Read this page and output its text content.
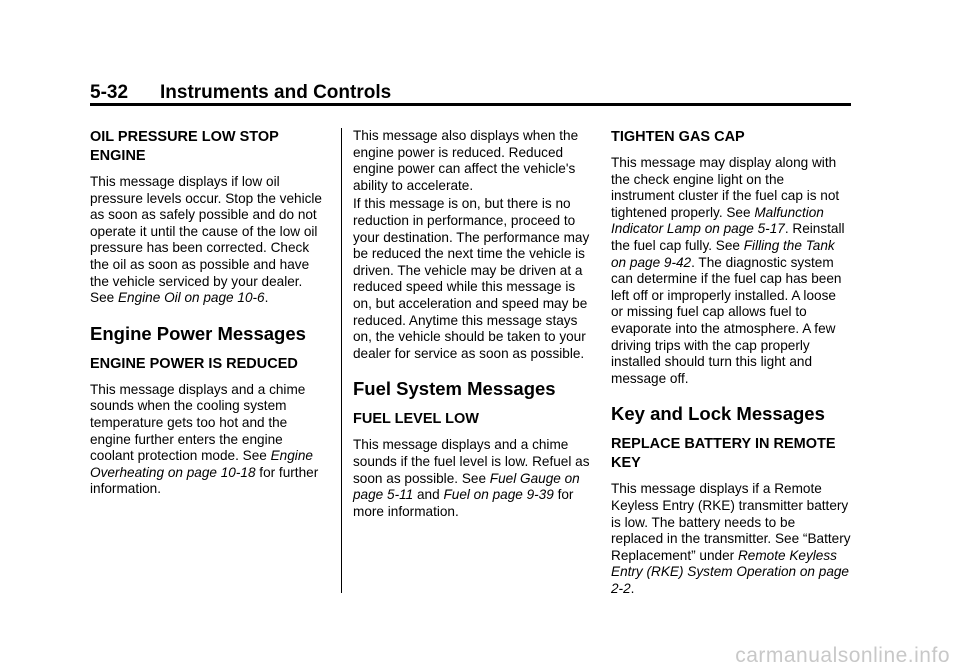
5-32 Instruments and Controls
OIL PRESSURE LOW STOP ENGINE

This message displays if low oil pressure levels occur. Stop the vehicle as soon as safely possible and do not operate it until the cause of the low oil pressure has been corrected. Check the oil as soon as possible and have the vehicle serviced by your dealer. See Engine Oil on page 10-6.

Engine Power Messages
ENGINE POWER IS REDUCED

This message displays and a chime sounds when the cooling system temperature gets too hot and the engine further enters the engine coolant protection mode. See Engine Overheating on page 10-18 for further information.

This message also displays when the engine power is reduced. Reduced engine power can affect the vehicle's ability to accelerate.

If this message is on, but there is no reduction in performance, proceed to your destination. The performance may be reduced the next time the vehicle is driven. The vehicle may be driven at a reduced speed while this message is on, but acceleration and speed may be reduced. Anytime this message stays on, the vehicle should be taken to your dealer for service as soon as possible.

Fuel System Messages
FUEL LEVEL LOW

This message displays and a chime sounds if the fuel level is low. Refuel as soon as possible. See Fuel Gauge on page 5-11 and Fuel on page 9-39 for more information.

TIGHTEN GAS CAP

This message may display along with the check engine light on the instrument cluster if the fuel cap is not tightened properly. See Malfunction Indicator Lamp on page 5-17. Reinstall the fuel cap fully. See Filling the Tank on page 9-42. The diagnostic system can determine if the fuel cap has been left off or improperly installed. A loose or missing fuel cap allows fuel to evaporate into the atmosphere. A few driving trips with the cap properly installed should turn this light and message off.

Key and Lock Messages
REPLACE BATTERY IN REMOTE KEY

This message displays if a Remote Keyless Entry (RKE) transmitter battery is low. The battery needs to be replaced in the transmitter. See “Battery Replacement” under Remote Keyless Entry (RKE) System Operation on page 2-2.

carmanualsonline.info
